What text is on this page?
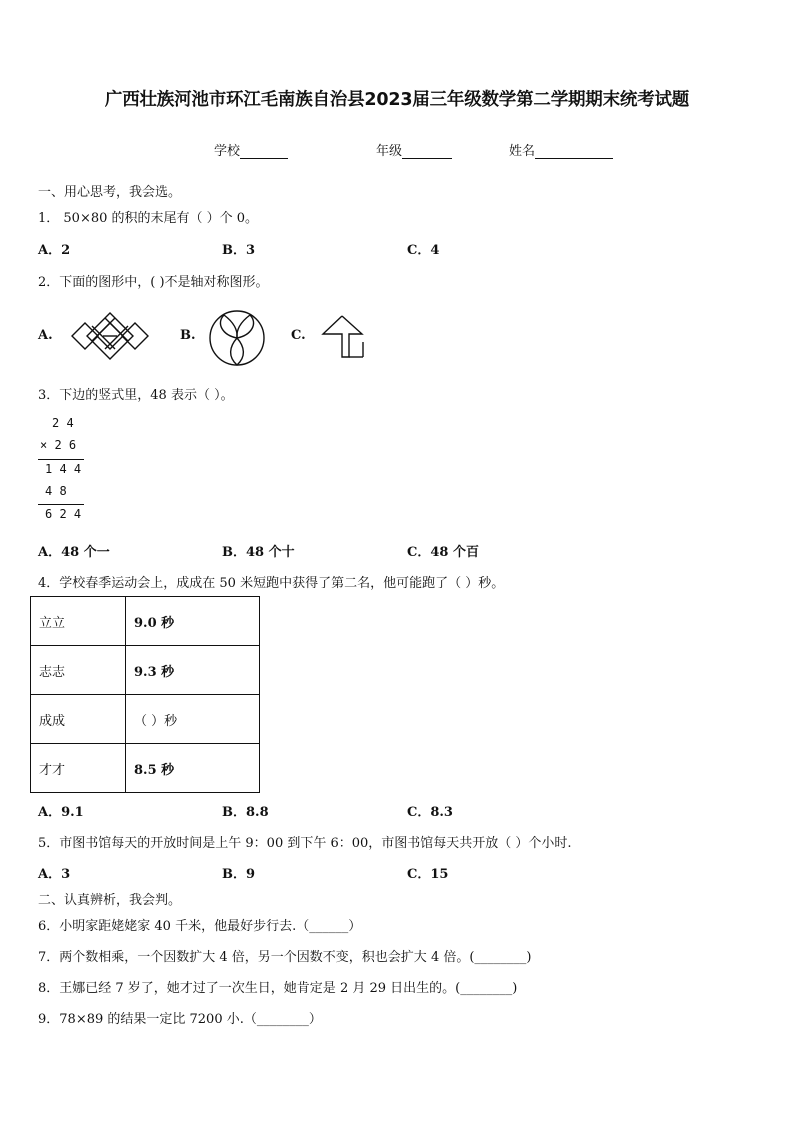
广西壮族河池市环江毛南族自治县2023届三年级数学第二学期期末统考试题
学校	年级	姓名
一、用心思考，我会选。
1． 50×80 的积的末尾有（ ）个 0。
A．2	B．3	C．4
2．下面的图形中，( )不是轴对称图形。
A.	B.	C.
3．下边的竖式里，48 表示（ ）。
2 4
× 2 6
1 4 4
4 8
6 2 4
A．48 个一	B．48 个十	C．48 个百
4．学校春季运动会上，成成在 50 米短跑中获得了第二名，他可能跑了（ ）秒。
立立	9.0 秒
志志	9.3 秒
成成	（ ）秒
才才	8.5 秒
A．9.1	B．8.8	C．8.3
5．市图书馆每天的开放时间是上午 9：00 到下午 6：00，市图书馆每天共开放（ ）个小时.
A．3	B．9	C．15
二、认真辨析，我会判。
6．小明家距姥姥家 40 千米，他最好步行去.（______）
7．两个数相乘，一个因数扩大 4 倍，另一个因数不变，积也会扩大 4 倍。(________)
8．王娜已经 7 岁了，她才过了一次生日，她肯定是 2 月 29 日出生的。(________)
9．78×89 的结果一定比 7200 小.（________）
